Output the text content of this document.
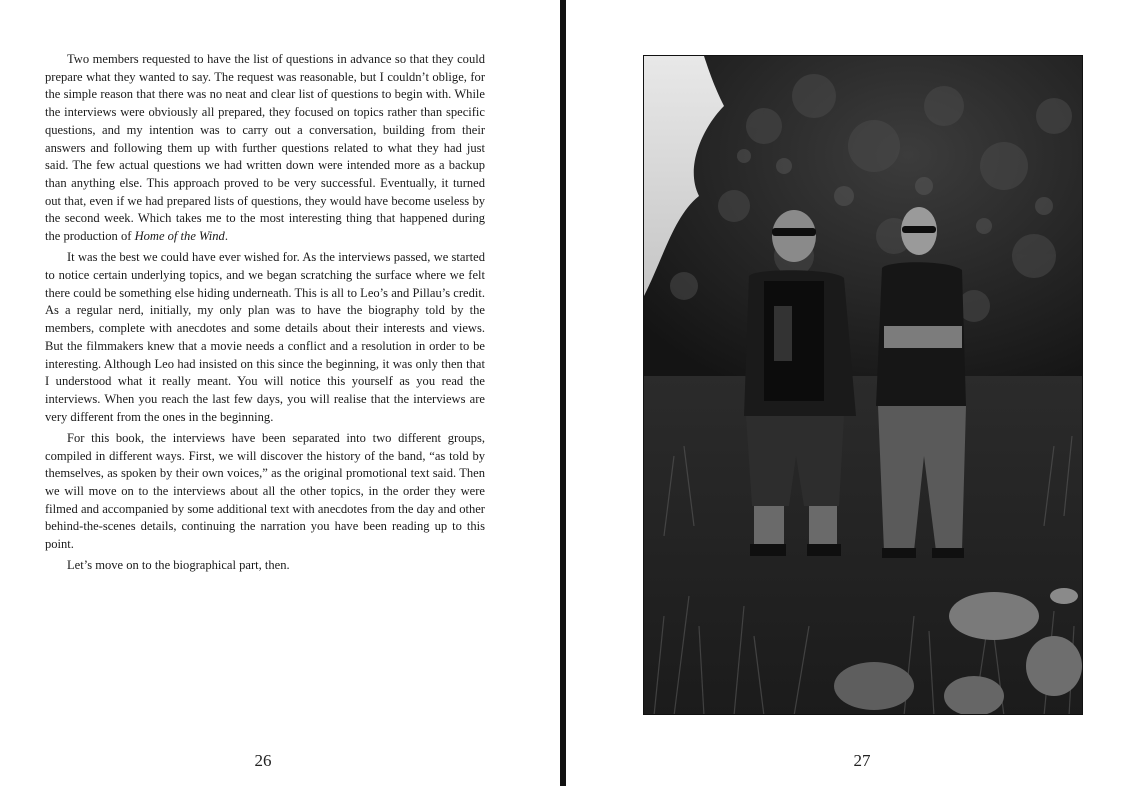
Two members requested to have the list of questions in advance so that they could prepare what they wanted to say. The request was reasonable, but I couldn’t oblige, for the simple reason that there was no neat and clear list of questions to begin with. While the interviews were obviously all prepared, they focused on topics rather than specific questions, and my intention was to carry out a conversation, building from their answers and following them up with further questions related to what they had just said. The few actual questions we had written down were intended more as a backup than anything else. This approach proved to be very successful. Eventually, it turned out that, even if we had prepared lists of questions, they would have become useless by the second week. Which takes me to the most interesting thing that happened during the production of Home of the Wind.

It was the best we could have ever wished for. As the interviews passed, we started to notice certain underlying topics, and we began scratching the surface where we felt there could be something else hiding underneath. This is all to Leo’s and Pillau’s credit. As a regular nerd, initially, my only plan was to have the biography told by the members, complete with anecdotes and some details about their interests and views. But the filmmakers knew that a movie needs a conflict and a resolution in order to be interesting. Although Leo had insisted on this since the beginning, it was only then that I understood what it really meant. You will notice this yourself as you read the interviews. When you reach the last few days, you will realise that the interviews are very different from the ones in the beginning.

For this book, the interviews have been separated into two different groups, compiled in different ways. First, we will discover the history of the band, “as told by themselves, as spoken by their own voices,” as the original promotional text said. Then we will move on to the interviews about all the other topics, in the order they were filmed and accompanied by some additional text with anecdotes from the day and other behind-the-scenes details, continuing the narration you have been reading up to this point.

Let’s move on to the biographical part, then.

26	27
